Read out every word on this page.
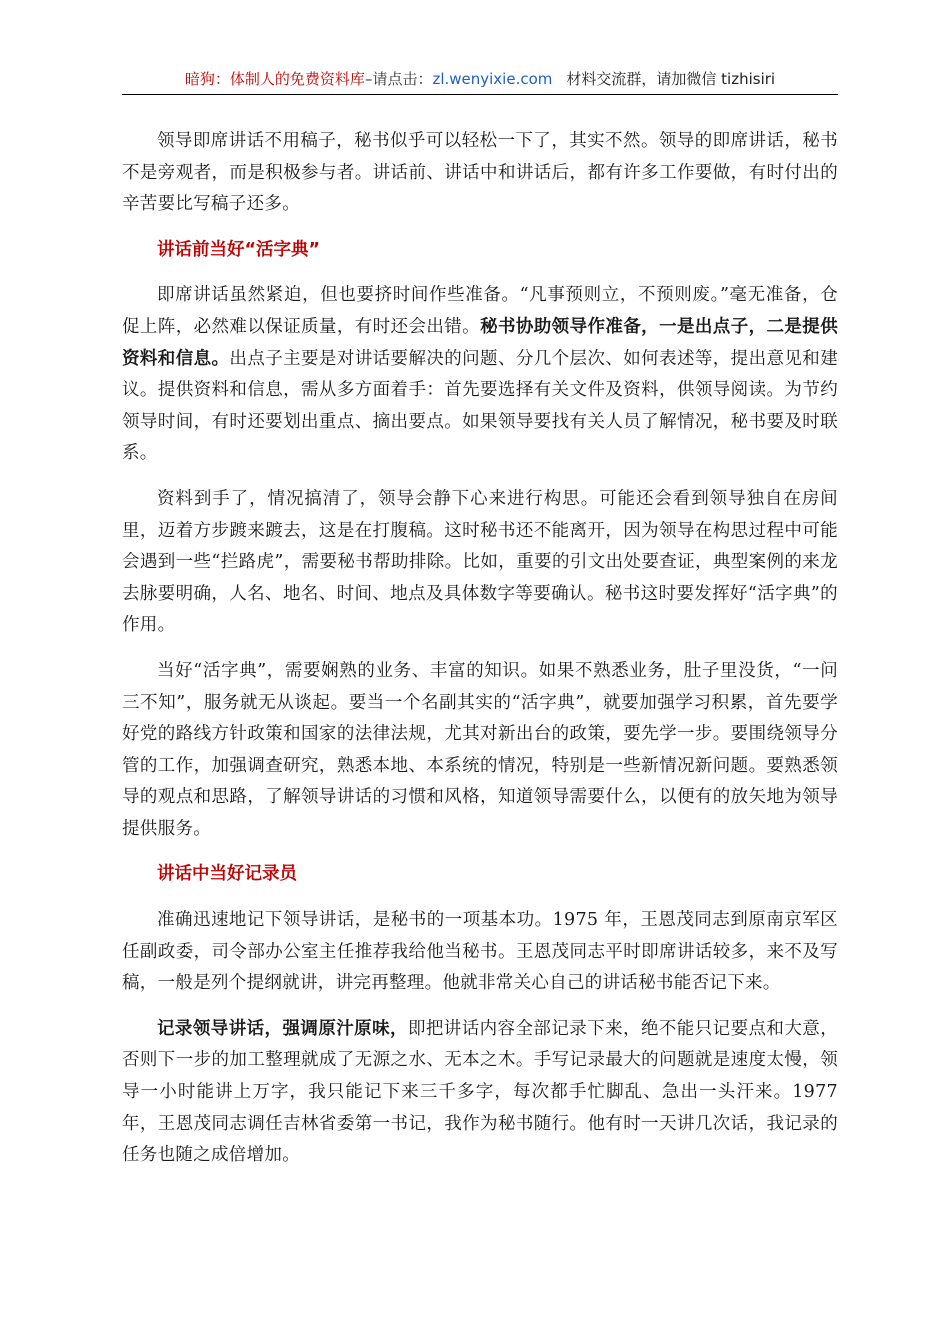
暗狗：体制人的免费资料库–请点击：zl.wenyixie.com 材料交流群，请加微信 tizhisiri

领导即席讲话不用稿子，秘书似乎可以轻松一下了，其实不然。领导的即席讲话，秘书不是旁观者，而是积极参与者。讲话前、讲话中和讲话后，都有许多工作要做，有时付出的辛苦要比写稿子还多。

讲话前当好“活字典”

即席讲话虽然紧迫，但也要挤时间作些准备。“凡事预则立，不预则废。”毫无准备，仓促上阵，必然难以保证质量，有时还会出错。秘书协助领导作准备，一是出点子，二是提供资料和信息。出点子主要是对讲话要解决的问题、分几个层次、如何表述等，提出意见和建议。提供资料和信息，需从多方面着手：首先要选择有关文件及资料，供领导阅读。为节约领导时间，有时还要划出重点、摘出要点。如果领导要找有关人员了解情况，秘书要及时联系。

资料到手了，情况搞清了，领导会静下心来进行构思。可能还会看到领导独自在房间里，迈着方步踱来踱去，这是在打腹稿。这时秘书还不能离开，因为领导在构思过程中可能会遇到一些“拦路虎”，需要秘书帮助排除。比如，重要的引文出处要查证，典型案例的来龙去脉要明确，人名、地名、时间、地点及具体数字等要确认。秘书这时要发挥好“活字典”的作用。

当好“活字典”，需要娴熟的业务、丰富的知识。如果不熟悉业务，肚子里没货，“一问三不知”，服务就无从谈起。要当一个名副其实的“活字典”，就要加强学习积累，首先要学好党的路线方针政策和国家的法律法规，尤其对新出台的政策，要先学一步。要围绕领导分管的工作，加强调查研究，熟悉本地、本系统的情况，特别是一些新情况新问题。要熟悉领导的观点和思路，了解领导讲话的习惯和风格，知道领导需要什么，以便有的放矢地为领导提供服务。

讲话中当好记录员

准确迅速地记下领导讲话，是秘书的一项基本功。1975 年，王恩茂同志到原南京军区任副政委，司令部办公室主任推荐我给他当秘书。王恩茂同志平时即席讲话较多，来不及写稿，一般是列个提纲就讲，讲完再整理。他就非常关心自己的讲话秘书能否记下来。

记录领导讲话，强调原汁原味，即把讲话内容全部记录下来，绝不能只记要点和大意，否则下一步的加工整理就成了无源之水、无本之木。手写记录最大的问题就是速度太慢，领导一小时能讲上万字，我只能记下来三千多字，每次都手忙脚乱、急出一头汗来。1977 年，王恩茂同志调任吉林省委第一书记，我作为秘书随行。他有时一天讲几次话，我记录的任务也随之成倍增加。
